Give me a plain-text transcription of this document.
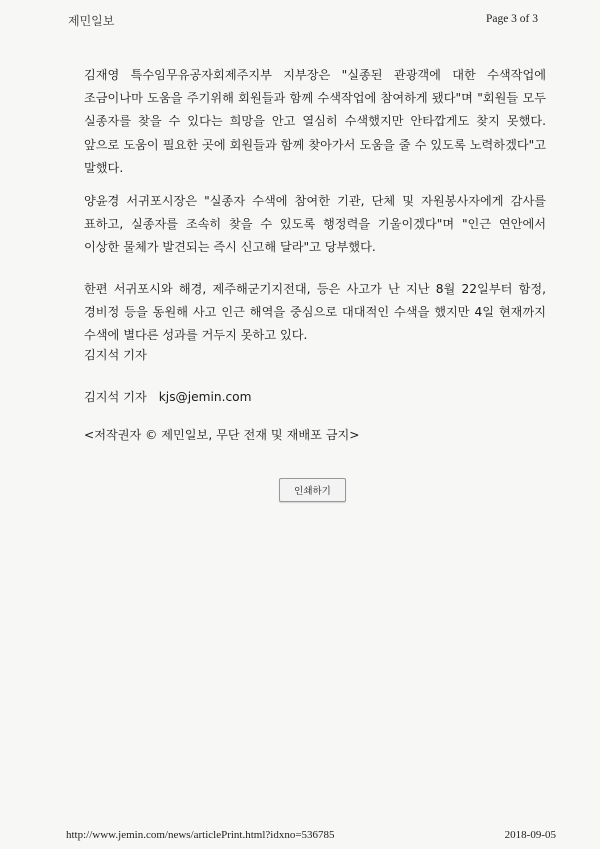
제민일보	Page 3 of 3

김재영 특수임무유공자회제주지부 지부장은 "실종된 관광객에 대한 수색작업에 조금이나마 도움을 주기위해 회원들과 함께 수색작업에 참여하게 됐다"며 "회원들 모두 실종자를 찾을 수 있다는 희망을 안고 열심히 수색했지만 안타깝게도 찾지 못했다. 앞으로 도움이 필요한 곳에 회원들과 함께 찾아가서 도움을 줄 수 있도록 노력하겠다"고 말했다.

양윤경 서귀포시장은 "실종자 수색에 참여한 기관, 단체 및 자원봉사자에게 감사를 표하고, 실종자를 조속히 찾을 수 있도록 행정력을 기울이겠다"며 "인근 연안에서 이상한 물체가 발견되는 즉시 신고해 달라"고 당부했다.

한편 서귀포시와 해경, 제주해군기지전대, 등은 사고가 난 지난 8월 22일부터 함정, 경비정 등을 동원해 사고 인근 해역을 중심으로 대대적인 수색을 했지만 4일 현재까지 수색에 별다른 성과를 거두지 못하고 있다.

김지석 기자
김지석 기자 kjs@jemin.com
<저작권자 © 제민일보, 무단 전재 및 재배포 금지>
인쇄하기
http://www.jemin.com/news/articlePrint.html?idxno=536785	2018-09-05
